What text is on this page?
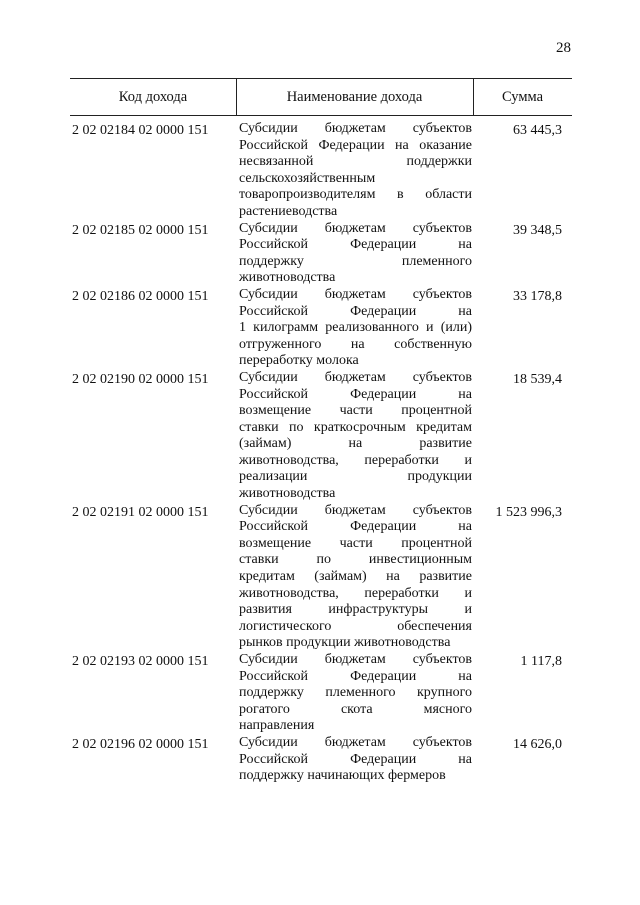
28
Код дохода	Наименование дохода	Сумма
2 02 02184 02 0000 151 Субсидии бюджетам субъектов
Российской Федерации на оказание
несвязанной поддержки
сельскохозяйственным
товаропроизводителям в области
растениеводства
63 445,3
2 02 02185 02 0000 151 Субсидии бюджетам субъектов
Российской Федерации на
поддержку племенного
животноводства
39 348,5
2 02 02186 02 0000 151 Субсидии бюджетам субъектов
Российской Федерации на
1 килограмм реализованного и (или)
отгруженного на собственную
переработку молока
33 178,8
2 02 02190 02 0000 151 Субсидии бюджетам субъектов
Российской Федерации на
возмещение части процентной
ставки по краткосрочным кредитам
(займам) на развитие
животноводства, переработки и
реализации продукции
животноводства
18 539,4
2 02 02191 02 0000 151 Субсидии бюджетам субъектов
Российской Федерации на
возмещение части процентной
ставки по инвестиционным
кредитам (займам) на развитие
животноводства, переработки и
развития инфраструктуры и
логистического обеспечения
рынков продукции животноводства
1 523 996,3
2 02 02193 02 0000 151 Субсидии бюджетам субъектов
Российской Федерации на
поддержку племенного крупного
рогатого скота мясного
направления
1 117,8
2 02 02196 02 0000 151 Субсидии бюджетам субъектов
Российской Федерации на
поддержку начинающих фермеров
14 626,0
